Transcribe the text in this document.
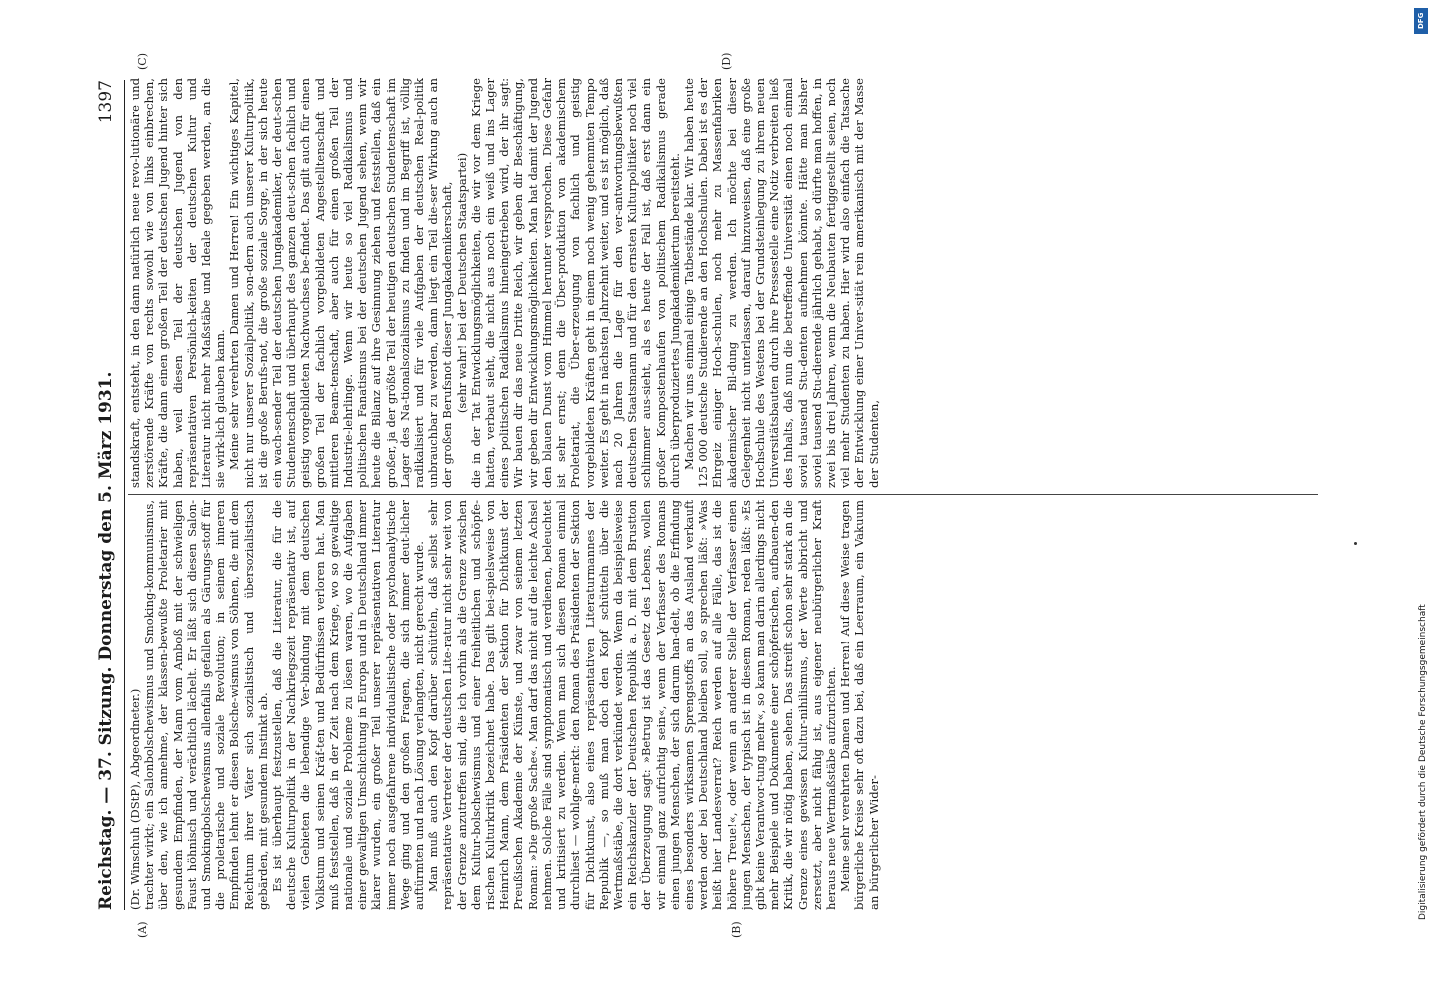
Reichstag. — 37. Sitzung. Donnerstag den 5. März 1931.
1397

(Dr. Winschuh (DStP), Abgeordneter.) trachter wirkt; ein Salonbolschewismus und Smoking-kommunismus, über den, wie ich annehme, der klassen-bewußte Proletarier mit gesundem Empfinden, der Mann vom Amboß mit der schwieligen Faust höhnisch und verächtlich lächelt. Er läßt sich diesen Salon- und Smokingbolschewismus allenfalls gefallen als Gärungs-stoff für die proletarische und soziale Revolution; in seinem inneren Empfinden lehnt er diesen Bolsche-wismus von Söhnen, die mit dem Reichtum ihrer Väter sich sozialistisch und übersozialistisch gebärden, mit gesundem Instinkt ab. Es ist überhaupt festzustellen, daß die Literatur, die für die deutsche Kulturpolitik in der Nachkriegszeit repräsentativ ist, auf vielen Gebieten die lebendige Ver-bindung mit dem deutschen Volkstum und seinen Kräf-ten und Bedürfnissen verloren hat. Man muß feststellen, daß in der Zeit nach dem Kriege, wo so gewaltige nationale und soziale Probleme zu lösen waren, wo die Aufgaben einer gewaltigen Umschichtung in Europa und in Deutschland immer klarer wurden, ein großer Teil unserer repräsentativen Literatur immer noch ausgefahrene individualistische oder psychoanalytische Wege ging und den großen Fragen, die sich immer deut-licher auftürmten und nach Lösung verlangten, nicht gerecht wurde. Man muß auch den Kopf darüber schütteln, daß selbst sehr repräsentative Vertreter der deutschen Lite-ratur nicht sehr weit von der Grenze anzutreffen sind, die ich vorhin als die Grenze zwischen dem Kultur-bolschewismus und einer freiheitlichen und schöpfe-rischen Kulturkritik bezeichnet habe. Das gilt bei-spielsweise von Heinrich Mann, dem Präsidenten der Sektion für Dichtkunst der Preußischen Akademie der Künste, und zwar von seinem letzten Roman: »Die große Sache«. Man darf das nicht auf die leichte Achsel nehmen. Solche Fälle sind symptomatisch und verdienen, beleuchtet und kritisiert zu werden. Wenn man sich diesen Roman einmal durchliest — wohlge-merkt: den Roman des Präsidenten der Sektion für Dichtkunst, also eines repräsentativen Literaturmannes der Republik —, so muß man doch den Kopf schütteln über die Wertmaßstäbe, die dort verkündet werden. Wenn da beispielsweise ein Reichskanzler der Deutschen Republik a. D. mit dem Brustton der Überzeugung sagt: »Betrug ist das Gesetz des Lebens, wollen wir einmal ganz aufrichtig sein«, wenn der Verfasser des Romans einen jungen Menschen, der sich darum han-delt, ob die Erfindung eines besonders wirksamen Sprengstoffs an das Ausland verkauft werden oder bei Deutschland bleiben soll, so sprechen läßt: »Was heißt hier Landesverrat? Reich werden auf alle Fälle, das ist die höhere Treue!«, oder wenn an anderer Stelle der Verfasser einen jungen Menschen, der typisch ist in diesem Roman, reden läßt: »Es gibt keine Verantwor-tung mehr«, so kann man darin allerdings nicht mehr Beispiele und Dokumente einer schöpferischen, aufbauen-den Kritik, die wir nötig haben, sehen. Das streift schon sehr stark an die Grenze eines gewissen Kultur-nihilismus, der Werte abbricht und zersetzt, aber nicht fähig ist, aus eigener neubürgerlicher Kraft heraus neue Wertmaßstäbe aufzurichten. Meine sehr verehrten Damen und Herren! Auf diese Weise tragen bürgerliche Kreise sehr oft dazu bei, daß ein Leerraum, ein Vakuum an bürgerlicher Wider-

standskraft, entsteht, in den dann natürlich neue revo-lutionäre und zerstörende Kräfte von rechts sowohl wie von links einbrechen, Kräfte, die dann einen großen Teil der deutschen Jugend hinter sich haben, weil diesen Teil der deutschen Jugend von den repräsentativen Persönlich-keiten der deutschen Kultur und Literatur nicht mehr Maßstäbe und Ideale gegeben werden, an die sie wirk-lich glauben kann. Meine sehr verehrten Damen und Herren! Ein wichtiges Kapitel, nicht nur unserer Sozialpolitik, son-dern auch unserer Kulturpolitik, ist die große Berufs-not, die große soziale Sorge, in der sich heute ein wach-sender Teil der deutschen Jungakademiker, der deut-schen Studentenschaft und überhaupt des ganzen deut-schen fachlich und geistig vorgebildeten Nachwuchses be-findet. Das gilt auch für einen großen Teil der fachlich vorgebildeten Angestelltenschaft und mittleren Beam-tenschaft, aber auch für einen großen Teil der Industrie-lehrlinge. Wenn wir heute so viel Radikalismus und politischen Fanatismus bei der deutschen Jugend sehen, wenn wir heute die Bilanz auf ihre Gesinnung ziehen und feststellen, daß ein großer, ja der größte Teil der heutigen deutschen Studentenschaft im Lager des Na-tionalsozialismus zu finden und im Begriff ist, völlig radikalisiert und für viele Aufgaben der deutschen Real-politik unbrauchbar zu werden, dann liegt ein Teil die-ser Wirkung auch an der großen Berufsnot dieser Jungakademikerschaft, (sehr wahr! bei der Deutschen Staatspartei) die in der Tat Entwicklungsmöglichkeiten, die wir vor dem Kriege hatten, verbaut sieht, die nicht aus noch ein weiß und ins Lager eines politischen Radikalismus hineingetrieben wird, der ihr sagt: Wir bauen dir das neue Dritte Reich, wir geben dir Beschäftigung, wir geben dir Entwicklungsmöglichkeiten. Man hat damit der Jugend den blauen Dunst vom Himmel herunter versprochen. Diese Gefahr ist sehr ernst; denn die Über-produktion von akademischem Proletariat, die Über-erzeugung von fachlich und geistig vorgebildeten Kräften geht in einem noch wenig gehemmten Tempo weiter. Es geht in nächsten Jahrzehnt weiter, und es ist möglich, daß nach 20 Jahren die Lage für den ver-antwortungsbewußten deutschen Staatsmann und für den ernsten Kulturpolitiker noch viel schlimmer aus-sieht, als es heute der Fall ist, daß erst dann ein großer Kompostenhaufen von politischem Radikalismus gerade durch überproduziertes Jungakademikertum bereitsteht. Machen wir uns einmal einige Tatbestände klar. Wir haben heute 125 000 deutsche Studierende an den Hochschulen. Dabei ist es der Ehrgeiz einiger Hoch-schulen, noch mehr zu Massenfabriken akademischer Bil-dung zu werden. Ich möchte bei dieser Gelegenheit nicht unterlassen, darauf hinzuweisen, daß eine große Hochschule des Westens bei der Grundsteinlegung zu ihrem neuen Universitätsbauten durch ihre Pressestelle eine Notiz verbreiten ließ des Inhalts, daß nun die betreffende Universität einen noch einmal soviel tausend Stu-denten aufnehmen könnte. Hätte man bisher soviel tausend Stu-dierende jährlich gehabt, so dürfte man hoffen, in zwei bis drei Jahren, wenn die Neubauten fertiggestellt seien, noch viel mehr Studenten zu haben. Hier wird also einfach die Tatsache der Entwicklung einer Univer-sität rein amerikanisch mit der Masse der Studenten,

(A)	(B)
(C)	(D)
DFG
Digitalisierung gefördert durch die Deutsche Forschungsgemeinschaft
